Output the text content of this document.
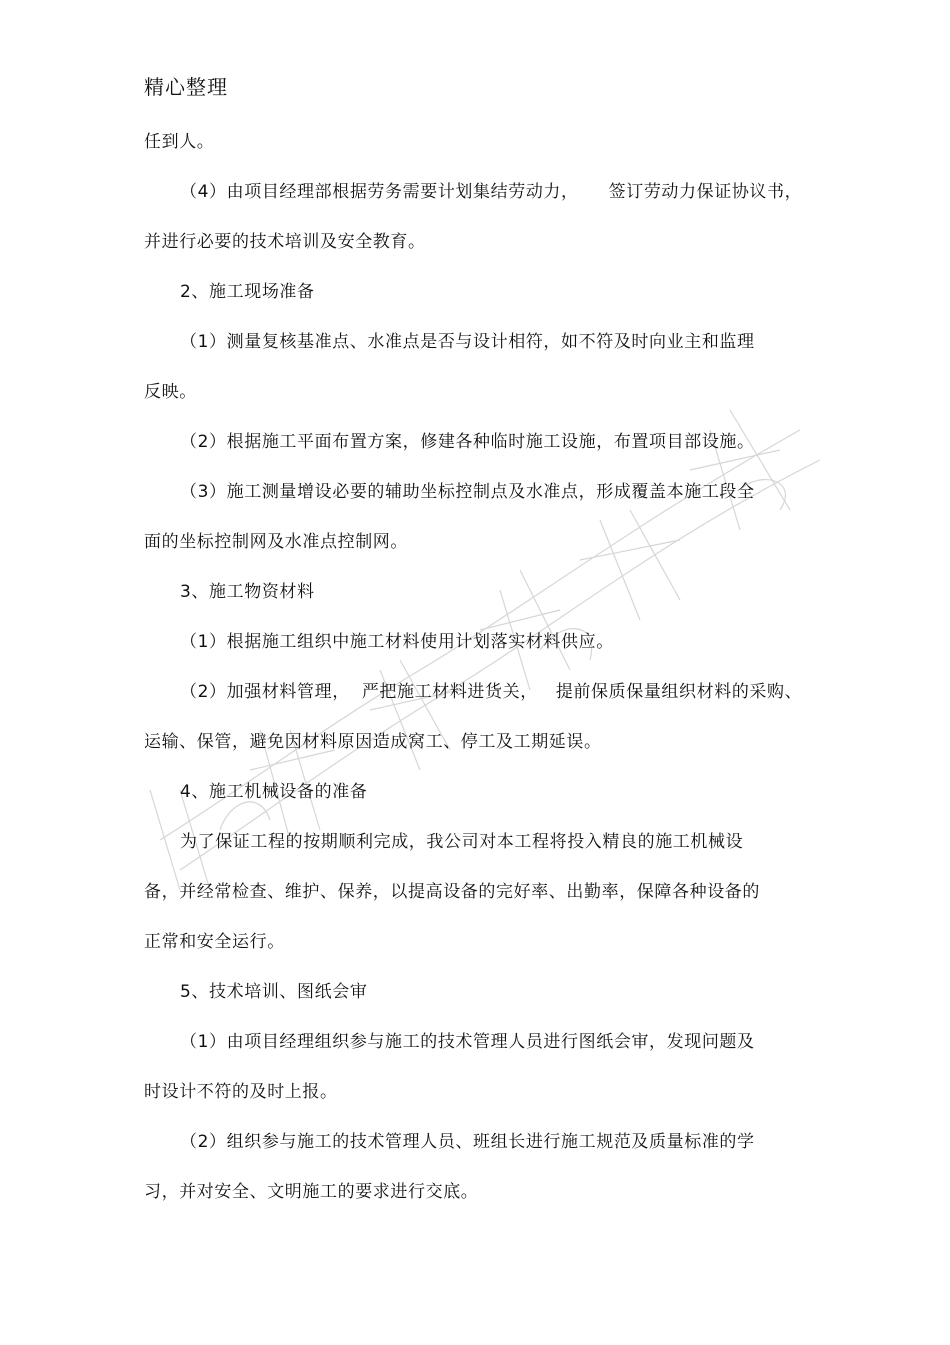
精心整理
任到人。
（4）由项目经理部根据劳务需要计划集结劳动力，     签订劳动力保证协议书，
并进行必要的技术培训及安全教育。
2、施工现场准备
（1）测量复核基准点、水准点是否与设计相符，如不符及时向业主和监理
反映。
（2）根据施工平面布置方案，修建各种临时施工设施，布置项目部设施。
（3）施工测量增设必要的辅助坐标控制点及水准点，形成覆盖本施工段全
面的坐标控制网及水准点控制网。
3、施工物资材料
（1）根据施工组织中施工材料使用计划落实材料供应。
（2）加强材料管理，  严把施工材料进货关，   提前保质保量组织材料的采购、
运输、保管，避免因材料原因造成窝工、停工及工期延误。
4、施工机械设备的准备
为了保证工程的按期顺利完成，我公司对本工程将投入精良的施工机械设
备，并经常检查、维护、保养，以提高设备的完好率、出勤率，保障各种设备的
正常和安全运行。
5、技术培训、图纸会审
（1）由项目经理组织参与施工的技术管理人员进行图纸会审，发现问题及
时设计不符的及时上报。
（2）组织参与施工的技术管理人员、班组长进行施工规范及质量标准的学
习，并对安全、文明施工的要求进行交底。
